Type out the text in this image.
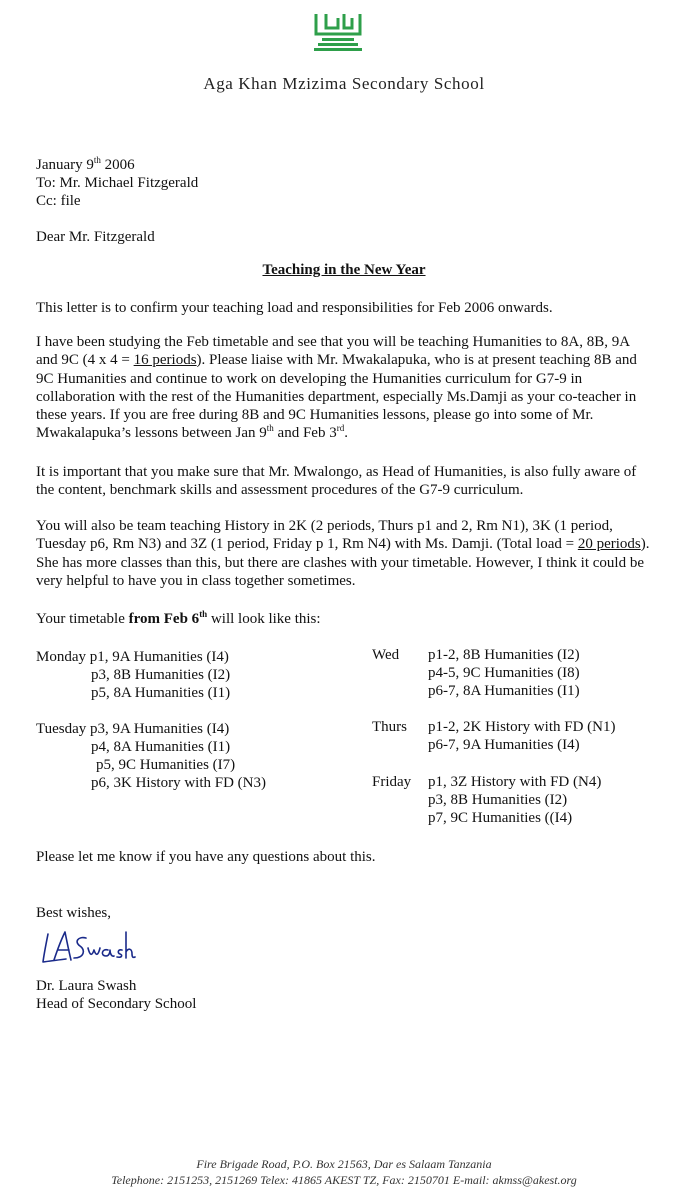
Aga Khan Mzizima Secondary School
January 9th 2006
To: Mr. Michael Fitzgerald
Cc: file
Dear Mr. Fitzgerald
Teaching in the New Year
This letter is to confirm your teaching load and responsibilities for Feb 2006 onwards.

I have been studying the Feb timetable and see that you will be teaching Humanities to 8A, 8B, 9A and 9C (4 x 4 = 16 periods). Please liaise with Mr. Mwakalapuka, who is at present teaching 8B and 9C Humanities and continue to work on developing the Humanities curriculum for G7-9 in collaboration with the rest of the Humanities department, especially Ms.Damji as your co-teacher in these years. If you are free during 8B and 9C Humanities lessons, please go into some of Mr. Mwakalapuka’s lessons between Jan 9th and Feb 3rd.

It is important that you make sure that Mr. Mwalongo, as Head of Humanities, is also fully aware of the content, benchmark skills and assessment procedures of the G7-9 curriculum.

You will also be team teaching History in 2K (2 periods, Thurs p1 and 2, Rm N1), 3K (1 period, Tuesday p6, Rm N3) and 3Z (1 period, Friday p 1, Rm N4) with Ms. Damji. (Total load = 20 periods). She has more classes than this, but there are clashes with your timetable. However, I think it could be very helpful to have you in class together sometimes.

Your timetable from Feb 6th will look like this:
Monday p1, 9A Humanities (I4)
p3, 8B Humanities (I2)
p5, 8A Humanities (I1)
Tuesday p3, 9A Humanities (I4)
p4, 8A Humanities (I1)
p5, 9C Humanities (I7)
p6, 3K History with FD (N3)
Wed p1-2, 8B Humanities (I2)
p4-5, 9C Humanities (I8)
p6-7, 8A Humanities (I1)
Thurs p1-2, 2K History with FD (N1)
p6-7, 9A Humanities (I4)
Friday p1, 3Z History with FD (N4)
p3, 8B Humanities (I2)
p7, 9C Humanities ((I4)
Please let me know if you have any questions about this.
Best wishes,
Dr. Laura Swash
Head of Secondary School
Fire Brigade Road, P.O. Box 21563, Dar es Salaam Tanzania
Telephone: 2151253, 2151269 Telex: 41865 AKEST TZ, Fax: 2150701 E-mail: akmss@akest.org
